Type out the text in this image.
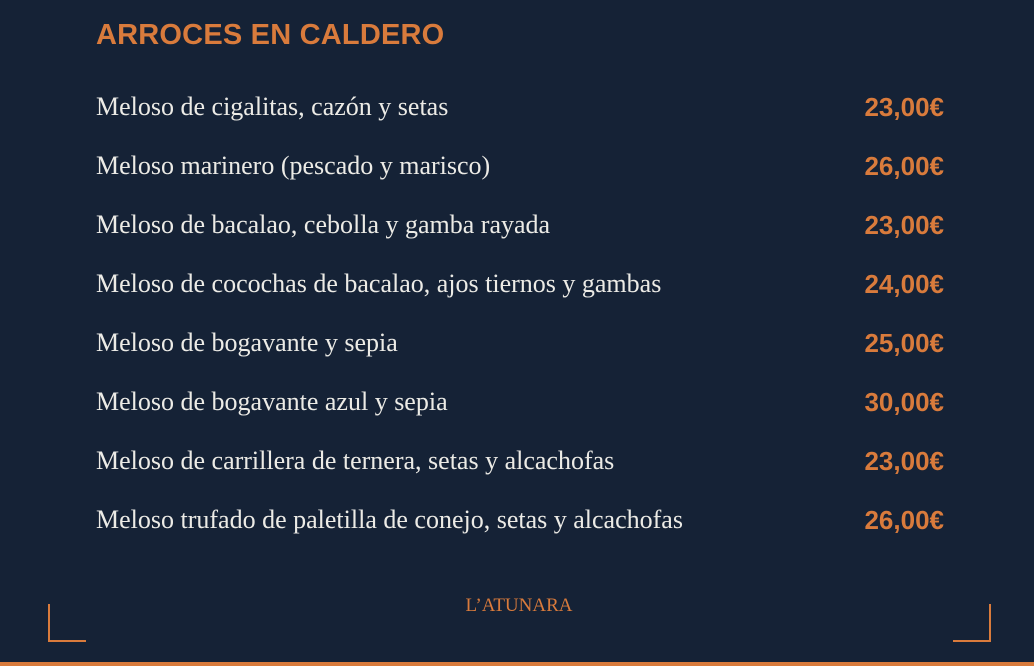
ARROCES EN CALDERO
Meloso de cigalitas, cazón y setas	23,00€
Meloso marinero (pescado y marisco)	26,00€
Meloso de bacalao, cebolla y gamba rayada	23,00€
Meloso de cocochas de bacalao, ajos tiernos y gambas	24,00€
Meloso de bogavante y sepia	25,00€
Meloso de bogavante azul y sepia	30,00€
Meloso de carrillera de ternera, setas y alcachofas	23,00€
Meloso trufado de paletilla de conejo, setas y alcachofas	26,00€
L’ATUNARA
